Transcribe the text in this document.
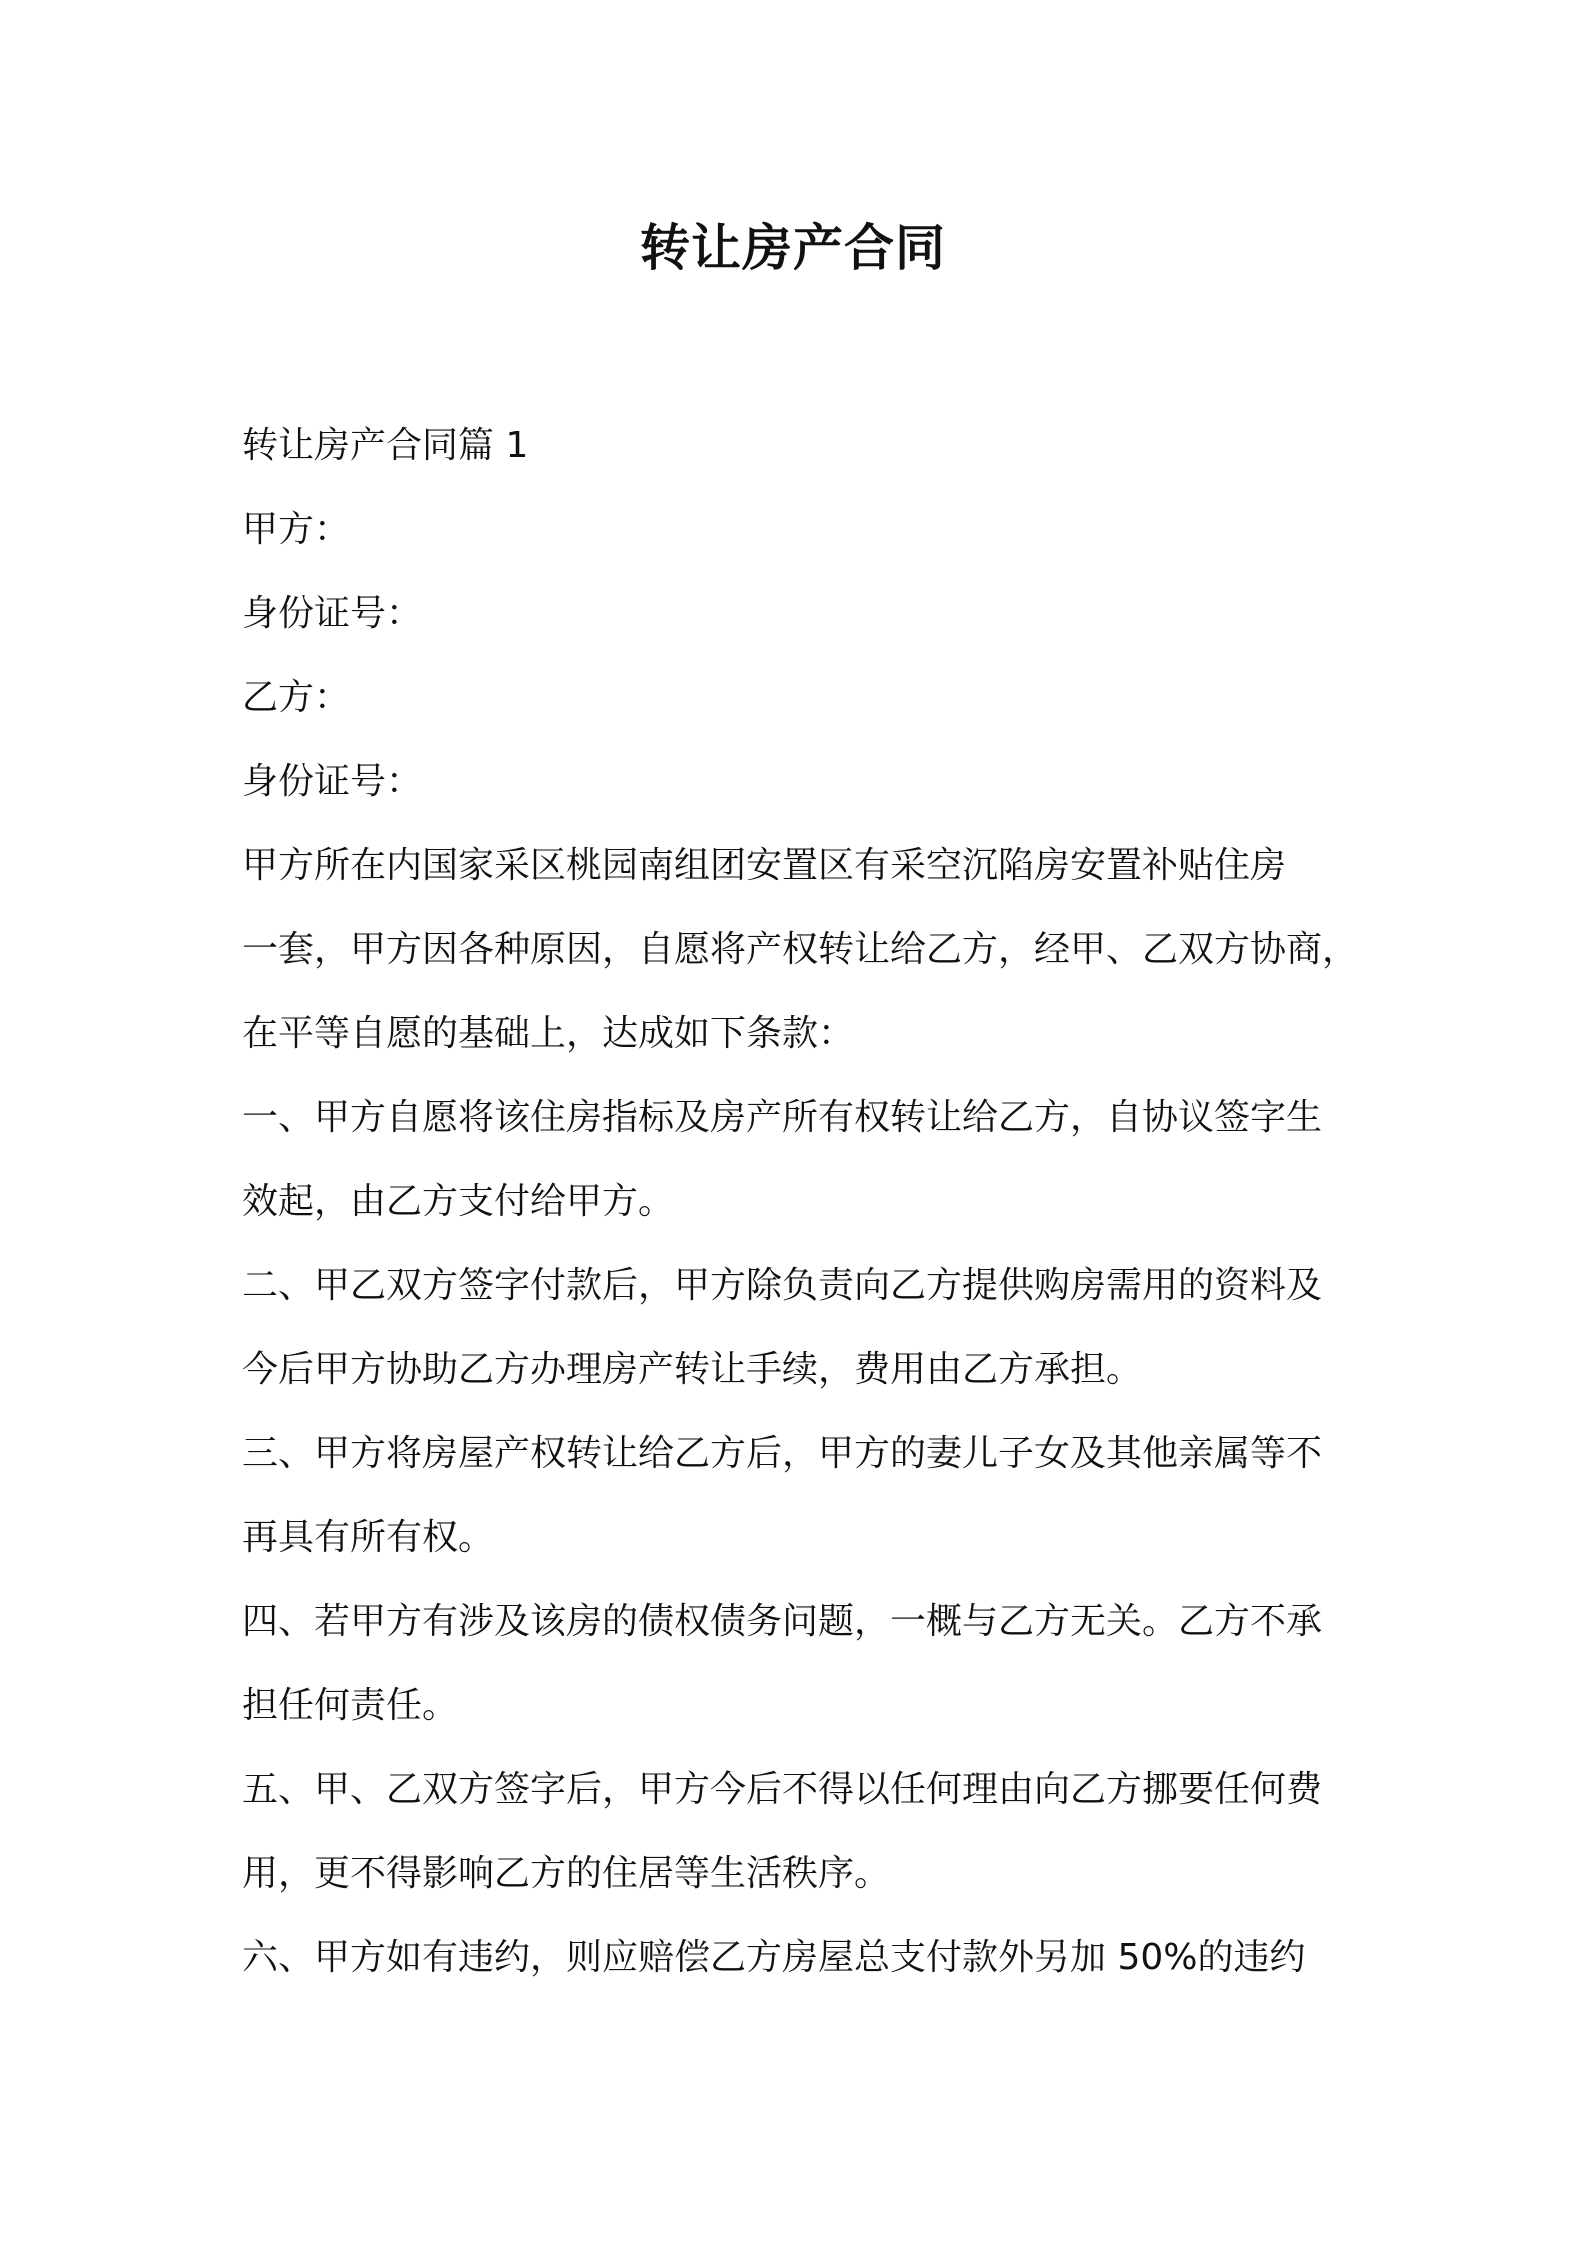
转让房产合同
转让房产合同篇 1
甲方：
身份证号：
乙方：
身份证号：
甲方所在内国家采区桃园南组团安置区有采空沉陷房安置补贴住房
一套，甲方因各种原因，自愿将产权转让给乙方，经甲、乙双方协商，
在平等自愿的基础上，达成如下条款：
一、甲方自愿将该住房指标及房产所有权转让给乙方，自协议签字生
效起，由乙方支付给甲方。
二、甲乙双方签字付款后，甲方除负责向乙方提供购房需用的资料及
今后甲方协助乙方办理房产转让手续，费用由乙方承担。
三、甲方将房屋产权转让给乙方后，甲方的妻儿子女及其他亲属等不
再具有所有权。
四、若甲方有涉及该房的债权债务问题，一概与乙方无关。乙方不承
担任何责任。
五、甲、乙双方签字后，甲方今后不得以任何理由向乙方挪要任何费
用，更不得影响乙方的住居等生活秩序。
六、甲方如有违约，则应赔偿乙方房屋总支付款外另加 50%的违约
